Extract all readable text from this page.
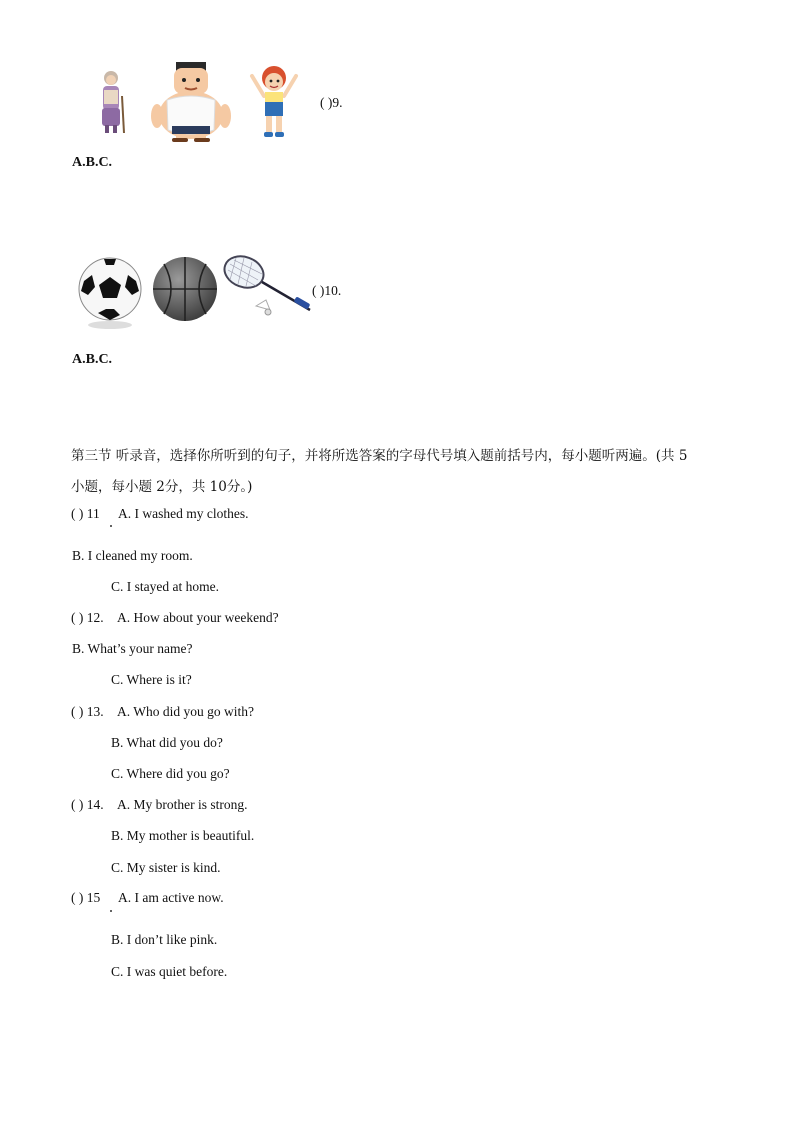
( )9.
A.B.C.
( )10.
A.B.C.
第三节 听录音，选择你所听到的句子，并将所选答案的字母代号填入题前括号内，每小题听两遍。(共 5
小题，每小题 2分，共 10分。)
( ) 11 A. I washed my clothes.
B. I cleaned my room.
C. I stayed at home.
( ) 12. A. How about your weekend?
B. What’s your name?
C. Where is it?
( ) 13. A. Who did you go with?
B. What did you do?
C. Where did you go?
( ) 14. A. My brother is strong.
B. My mother is beautiful.
C. My sister is kind.
( ) 15 A. I am active now.
B. I don’t like pink.
C. I was quiet before.
